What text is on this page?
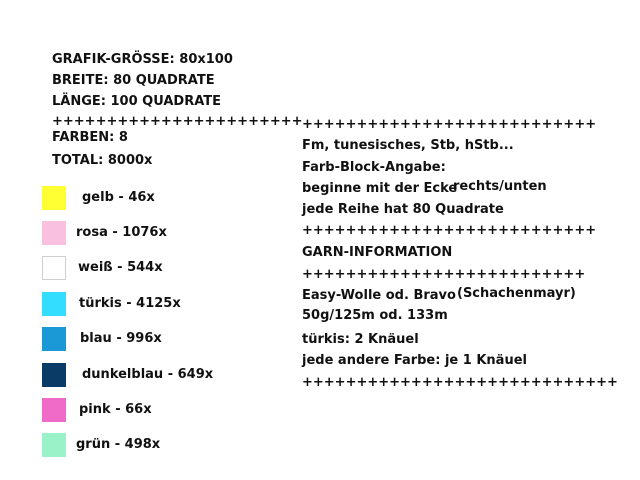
GRAFIK-GRÖSSE: 80x100
BREITE: 80 QUADRATE
LÄNGE: 100 QUADRATE
+++++++++++++++++++++++
FARBEN: 8
TOTAL: 8000x
gelb - 46x
rosa - 1076x
weiß - 544x
türkis - 4125x
blau - 996x
dunkelblau - 649x
pink - 66x
grün - 498x
+++++++++++++++++++++++++++
Fm, tunesisches, Stb, hStb...
Farb-Block-Angabe:
beginne mit der Ecke
rechts/unten
jede Reihe hat 80 Quadrate
+++++++++++++++++++++++++++
GARN-INFORMATION
++++++++++++++++++++++++++
Easy-Wolle od. Bravo (Schachenmayr)
50g/125m od. 133m
türkis: 2 Knäuel
jede andere Farbe: je 1 Knäuel
+++++++++++++++++++++++++++++
